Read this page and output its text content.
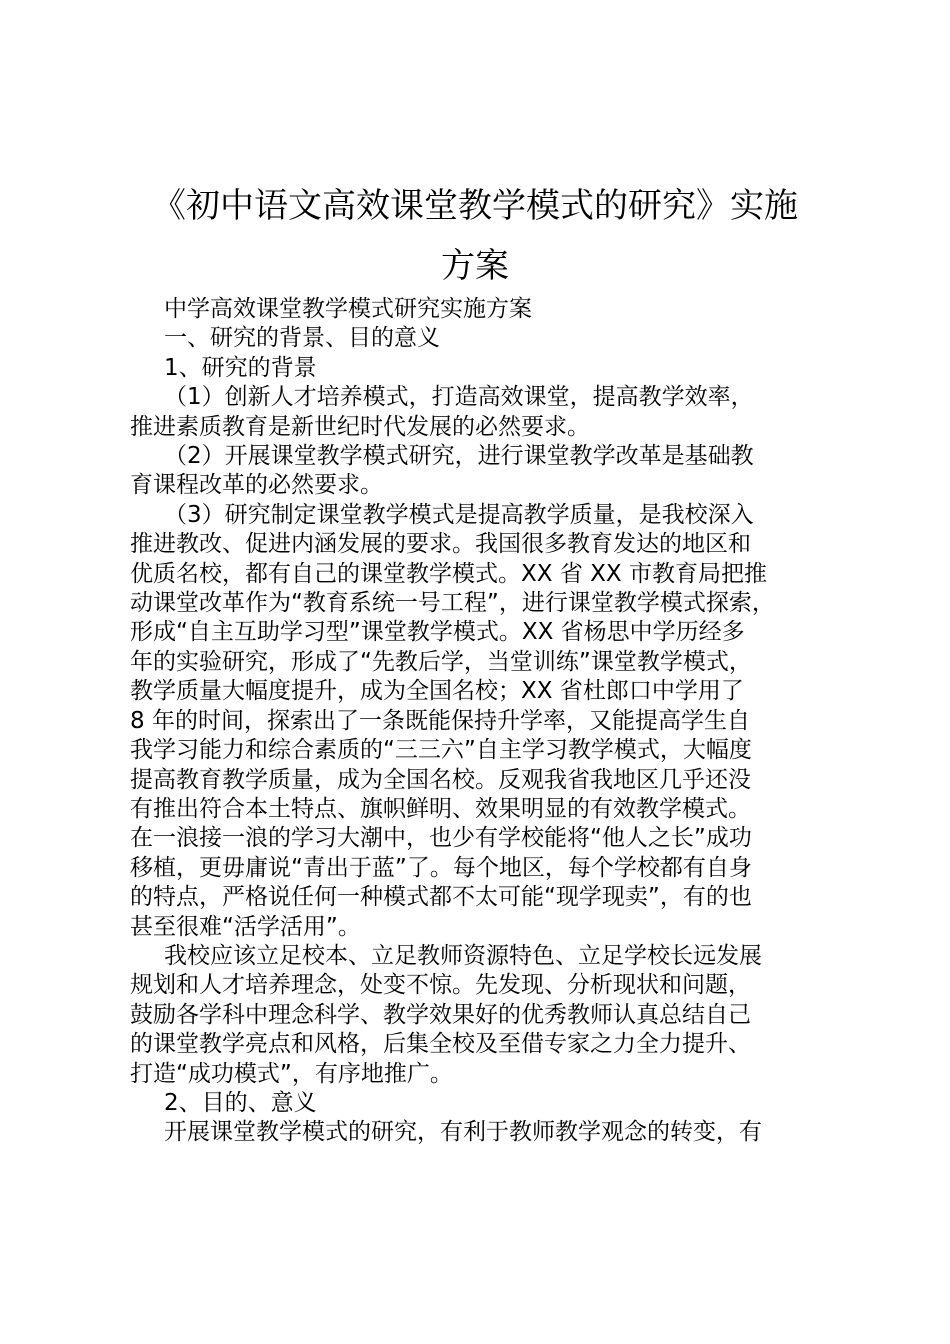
《初中语文高效课堂教学模式的研究》实施
方案

中学高效课堂教学模式研究实施方案

一、研究的背景、目的意义

1、研究的背景

（1）创新人才培养模式，打造高效课堂，提高教学效率，
推进素质教育是新世纪时代发展的必然要求。

（2）开展课堂教学模式研究，进行课堂教学改革是基础教
育课程改革的必然要求。

（3）研究制定课堂教学模式是提高教学质量，是我校深入
推进教改、促进内涵发展的要求。我国很多教育发达的地区和
优质名校，都有自己的课堂教学模式。XX 省 XX 市教育局把推
动课堂改革作为“教育系统一号工程”，进行课堂教学模式探索，
形成“自主互助学习型”课堂教学模式。XX 省杨思中学历经多
年的实验研究，形成了“先教后学，当堂训练”课堂教学模式，
教学质量大幅度提升，成为全国名校；XX 省杜郎口中学用了
8 年的时间，探索出了一条既能保持升学率，又能提高学生自
我学习能力和综合素质的“三三六”自主学习教学模式，大幅度
提高教育教学质量，成为全国名校。反观我省我地区几乎还没
有推出符合本土特点、旗帜鲜明、效果明显的有效教学模式。
在一浪接一浪的学习大潮中，也少有学校能将“他人之长”成功
移植，更毋庸说“青出于蓝”了。每个地区，每个学校都有自身
的特点，严格说任何一种模式都不太可能“现学现卖”，有的也
甚至很难“活学活用”。

我校应该立足校本、立足教师资源特色、立足学校长远发展
规划和人才培养理念，处变不惊。先发现、分析现状和问题，
鼓励各学科中理念科学、教学效果好的优秀教师认真总结自己
的课堂教学亮点和风格，后集全校及至借专家之力全力提升、
打造“成功模式”，有序地推广。

2、目的、意义

开展课堂教学模式的研究，有利于教师教学观念的转变，有
